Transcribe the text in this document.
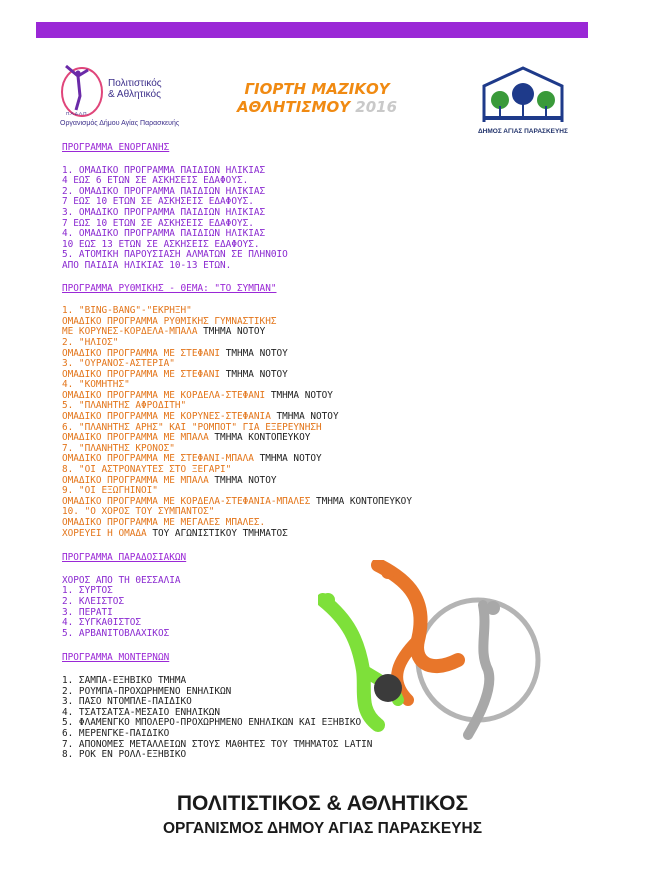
Π.Α.Δ.Α.Π.
Πολιτιστικός
& Αθλητικός
Οργανισμός Δήμου Αγίας Παρασκευής
ΓΙΟΡΤΗ ΜΑΖΙΚΟΥ
ΑΘΛΗΤΙΣΜΟΥ 2016
ΔΗΜΟΣ ΑΓΙΑΣ ΠΑΡΑΣΚΕΥΗΣ
ΠΡΟΓΡΑΜΜΑ ΕΝΟΡΓΑΝΗΣ
1. ΟΜΑΔΙΚΟ ΠΡΟΓΡΑΜΜΑ ΠΑΙΔΙΩΝ ΗΛΙΚΙΑΣ
4 ΕΩΣ 6 ΕΤΩΝ ΣΕ ΑΣΚΗΣΕΙΣ ΕΔΑΦΟΥΣ.
2. ΟΜΑΔΙΚΟ ΠΡΟΓΡΑΜΜΑ ΠΑΙΔΙΩΝ ΗΛΙΚΙΑΣ
7 ΕΩΣ 10 ΕΤΩΝ ΣΕ ΑΣΚΗΣΕΙΣ ΕΔΑΦΟΥΣ.
3. ΟΜΑΔΙΚΟ ΠΡΟΓΡΑΜΜΑ ΠΑΙΔΙΩΝ ΗΛΙΚΙΑΣ
7 ΕΩΣ 10 ΕΤΩΝ ΣΕ ΑΣΚΗΣΕΙΣ ΕΔΑΦΟΥΣ.
4. ΟΜΑΔΙΚΟ ΠΡΟΓΡΑΜΜΑ ΠΑΙΔΙΩΝ ΗΛΙΚΙΑΣ
10 ΕΩΣ 13 ΕΤΩΝ ΣΕ ΑΣΚΗΣΕΙΣ ΕΔΑΦΟΥΣ.
5. ΑΤΟΜΙΚΗ ΠΑΡΟΥΣΙΑΣΗ ΑΛΜΑΤΩΝ ΣΕ ΠΛΗΝΘΙΟ
ΑΠΟ ΠΑΙΔΙΑ ΗΛΙΚΙΑΣ 10-13 ΕΤΩΝ.
ΠΡΟΓΡΑΜΜΑ ΡΥΘΜΙΚΗΣ - ΘΕΜΑ: "ΤΟ ΣΥΜΠΑΝ"
1. "BING-BANG"-"ΕΚΡΗΞΗ"
ΟΜΑΔΙΚΟ ΠΡΟΓΡΑΜΜΑ ΡΥΘΜΙΚΗΣ ΓΥΜΝΑΣΤΙΚΗΣ
ΜΕ ΚΟΡΥΝΕΣ-ΚΟΡΔΕΛΑ-ΜΠΑΛΑ ΤΜΗΜΑ ΝΟΤΟΥ
2. "ΗΛΙΟΣ"
ΟΜΑΔΙΚΟ ΠΡΟΓΡΑΜΜΑ ΜΕ ΣΤΕΦΑΝΙ ΤΜΗΜΑ ΝΟΤΟΥ
3. "ΟΥΡΑΝΟΣ-ΑΣΤΕΡΙΑ"
ΟΜΑΔΙΚΟ ΠΡΟΓΡΑΜΜΑ ΜΕ ΣΤΕΦΑΝΙ ΤΜΗΜΑ ΝΟΤΟΥ
4. "ΚΟΜΗΤΗΣ"
ΟΜΑΔΙΚΟ ΠΡΟΓΡΑΜΜΑ ΜΕ ΚΟΡΔΕΛΑ-ΣΤΕΦΑΝΙ ΤΜΗΜΑ ΝΟΤΟΥ
5. "ΠΛΑΝΗΤΗΣ ΑΦΡΟΔΙΤΗ"
ΟΜΑΔΙΚΟ ΠΡΟΓΡΑΜΜΑ ΜΕ ΚΟΡΥΝΕΣ-ΣΤΕΦΑΝΙΑ ΤΜΗΜΑ ΝΟΤΟΥ
6. "ΠΛΑΝΗΤΗΣ ΑΡΗΣ" ΚΑΙ "ΡΟΜΠΟΤ" ΓΙΑ ΕΞΕΡΕΥΝΗΣΗ
ΟΜΑΔΙΚΟ ΠΡΟΓΡΑΜΜΑ ΜΕ ΜΠΑΛΑ ΤΜΗΜΑ ΚΟΝΤΟΠΕΥΚΟΥ
7. "ΠΛΑΝΗΤΗΣ ΚΡΟΝΟΣ"
ΟΜΑΔΙΚΟ ΠΡΟΓΡΑΜΜΑ ΜΕ ΣΤΕΦΑΝΙ-ΜΠΑΛΑ ΤΜΗΜΑ ΝΟΤΟΥ
8. "ΟΙ ΑΣΤΡΟΝΑΥΤΕΣ ΣΤΟ ΞΕΓΑΡΙ"
ΟΜΑΔΙΚΟ ΠΡΟΓΡΑΜΜΑ ΜΕ ΜΠΑΛΑ ΤΜΗΜΑ ΝΟΤΟΥ
9. "ΟΙ ΕΞΩΓΗΙΝΟΙ"
ΟΜΑΔΙΚΟ ΠΡΟΓΡΑΜΜΑ ΜΕ ΚΟΡΔΕΛΑ-ΣΤΕΦΑΝΙΑ-ΜΠΑΛΕΣ ΤΜΗΜΑ ΚΟΝΤΟΠΕΥΚΟΥ
10. "Ο ΧΟΡΟΣ ΤΟΥ ΣΥΜΠΑΝΤΟΣ"
ΟΜΑΔΙΚΟ ΠΡΟΓΡΑΜΜΑ ΜΕ ΜΕΓΑΛΕΣ ΜΠΑΛΕΣ.
ΧΟΡΕΥΕΙ Η ΟΜΑΔΑ ΤΟΥ ΑΓΩΝΙΣΤΙΚΟΥ ΤΜΗΜΑΤΟΣ
ΠΡΟΓΡΑΜΜΑ ΠΑΡΑΔΟΣΙΑΚΩΝ
ΧΟΡΟΣ ΑΠΟ ΤΗ ΘΕΣΣΑΛΙΑ
1. ΣΥΡΤΟΣ
2. ΚΛΕΙΣΤΟΣ
3. ΠΕΡΑΤΙ
4. ΣΥΓΚΑΘΙΣΤΟΣ
5. ΑΡΒΑΝΙΤΟΒΛΑΧΙΚΟΣ
ΠΡΟΓΡΑΜΜΑ ΜΟΝΤΕΡΝΩΝ
1. ΣΑΜΠΑ-ΕΞΗΒΙΚΟ ΤΜΗΜΑ
2. ΡΟΥΜΠΑ-ΠΡΟΧΩΡΗΜΕΝΟ ΕΝΗΛΙΚΩΝ
3. ΠΑΣΟ ΝΤΟΜΠΛΕ-ΠΑΙΔΙΚΟ
4. ΤΣΑΤΣΑΤΣΑ-ΜΕΣΑΙΟ ΕΝΗΛΙΚΩΝ
5. ΦΛΑΜΕΝΓΚΟ ΜΠΟΛΕΡΟ-ΠΡΟΧΩΡΗΜΕΝΟ ΕΝΗΛΙΚΩΝ ΚΑΙ ΕΞΗΒΙΚΟ
6. ΜΕΡΕΝΓΚΕ-ΠΑΙΔΙΚΟ
7. ΑΠΟΝΟΜΕΣ ΜΕΤΑΛΛΕΙΩΝ ΣΤΟΥΣ ΜΑΘΗΤΕΣ ΤΟΥ ΤΜΗΜΑΤΟΣ LATIN
8. ΡΟΚ ΕΝ ΡΟΛΛ-ΕΞΗΒΙΚΟ
ΠΟΛΙΤΙΣΤΙΚΟΣ & ΑΘΛΗΤΙΚΟΣ
ΟΡΓΑΝΙΣΜΟΣ ΔΗΜΟΥ ΑΓΙΑΣ ΠΑΡΑΣΚΕΥΗΣ
